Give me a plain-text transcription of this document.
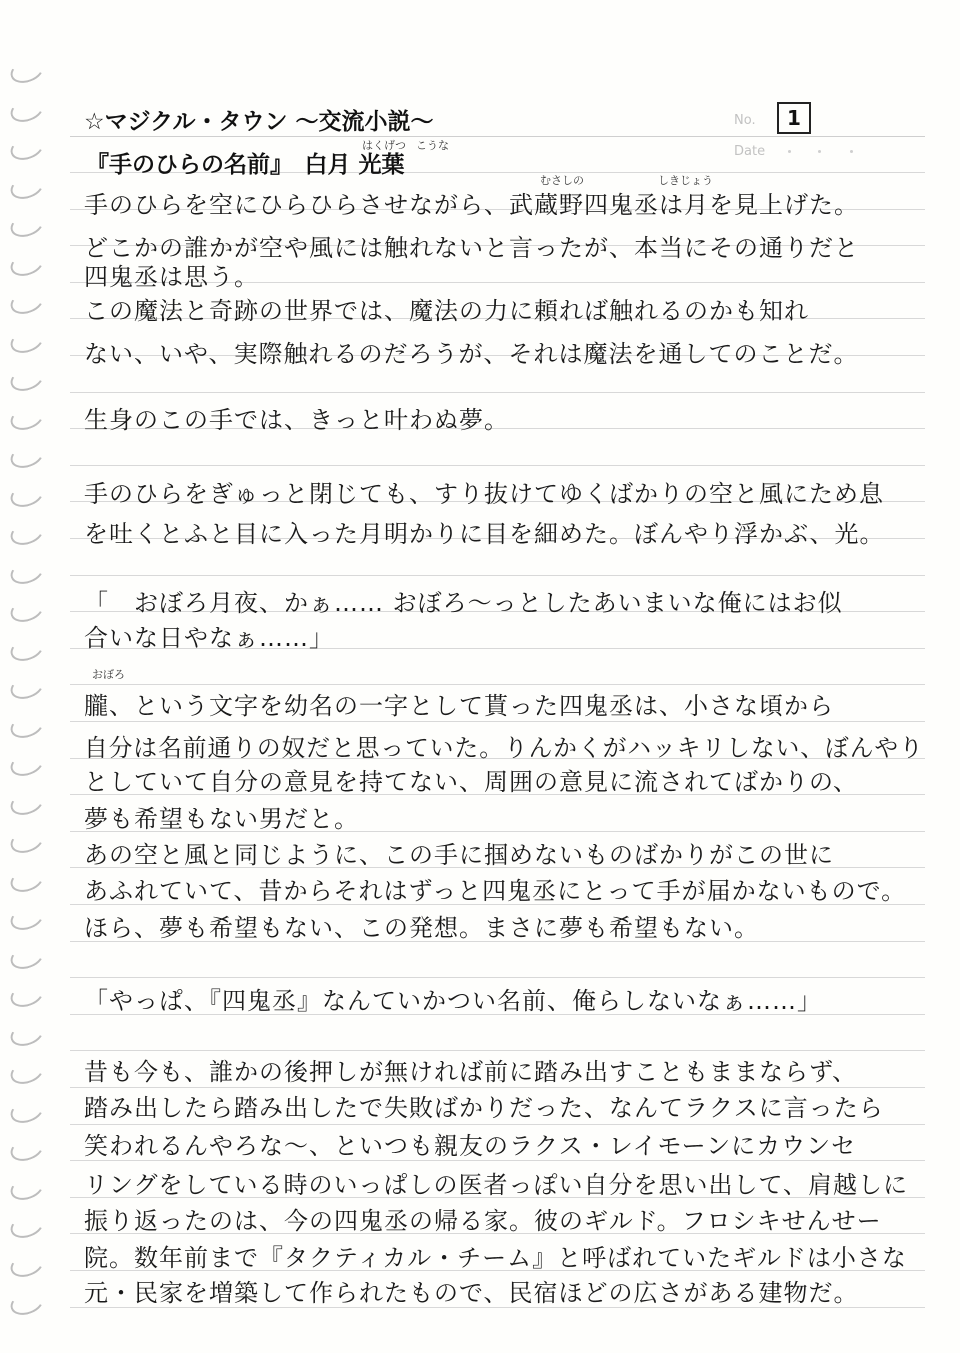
No.	1
Date
☆マジクル・タウン ～交流小説～
はくげつ こうな
『手のひらの名前』　白月 光葉
むさしの	しきじょう
おぼろ
手のひらを空にひらひらさせながら、武蔵野四鬼丞は月を見上げた。
どこかの誰かが空や風には触れないと言ったが、本当にその通りだと
四鬼丞は思う。
この魔法と奇跡の世界では、魔法の力に頼れば触れるのかも知れ
ない、いや、実際触れるのだろうが、それは魔法を通してのことだ。
生身のこの手では、きっと叶わぬ夢。
手のひらをぎゅっと閉じても、すり抜けてゆくばかりの空と風にため息
を吐くとふと目に入った月明かりに目を細めた。ぼんやり浮かぶ、光。
「　おぼろ月夜、かぁ…… おぼろ～っとしたあいまいな俺にはお似
合いな日やなぁ……」
朧、という文字を幼名の一字として貰った四鬼丞は、小さな頃から
自分は名前通りの奴だと思っていた。りんかくがハッキリしない、ぼんやり
としていて自分の意見を持てない、周囲の意見に流されてばかりの、
夢も希望もない男だと。
あの空と風と同じように、この手に掴めないものばかりがこの世に
あふれていて、昔からそれはずっと四鬼丞にとって手が届かないもので。
ほら、夢も希望もない、この発想。まさに夢も希望もない。
「やっぱ、『四鬼丞』なんていかつい名前、俺らしないなぁ……」
昔も今も、誰かの後押しが無ければ前に踏み出すこともままならず、
踏み出したら踏み出したで失敗ばかりだった、なんてラクスに言ったら
笑われるんやろな～、といつも親友のラクス・レイモーンにカウンセ
リングをしている時のいっぱしの医者っぽい自分を思い出して、肩越しに
振り返ったのは、今の四鬼丞の帰る家。彼のギルド。フロシキせんせー
院。数年前まで『タクティカル・チーム』と呼ばれていたギルドは小さな
元・民家を増築して作られたもので、民宿ほどの広さがある建物だ。
